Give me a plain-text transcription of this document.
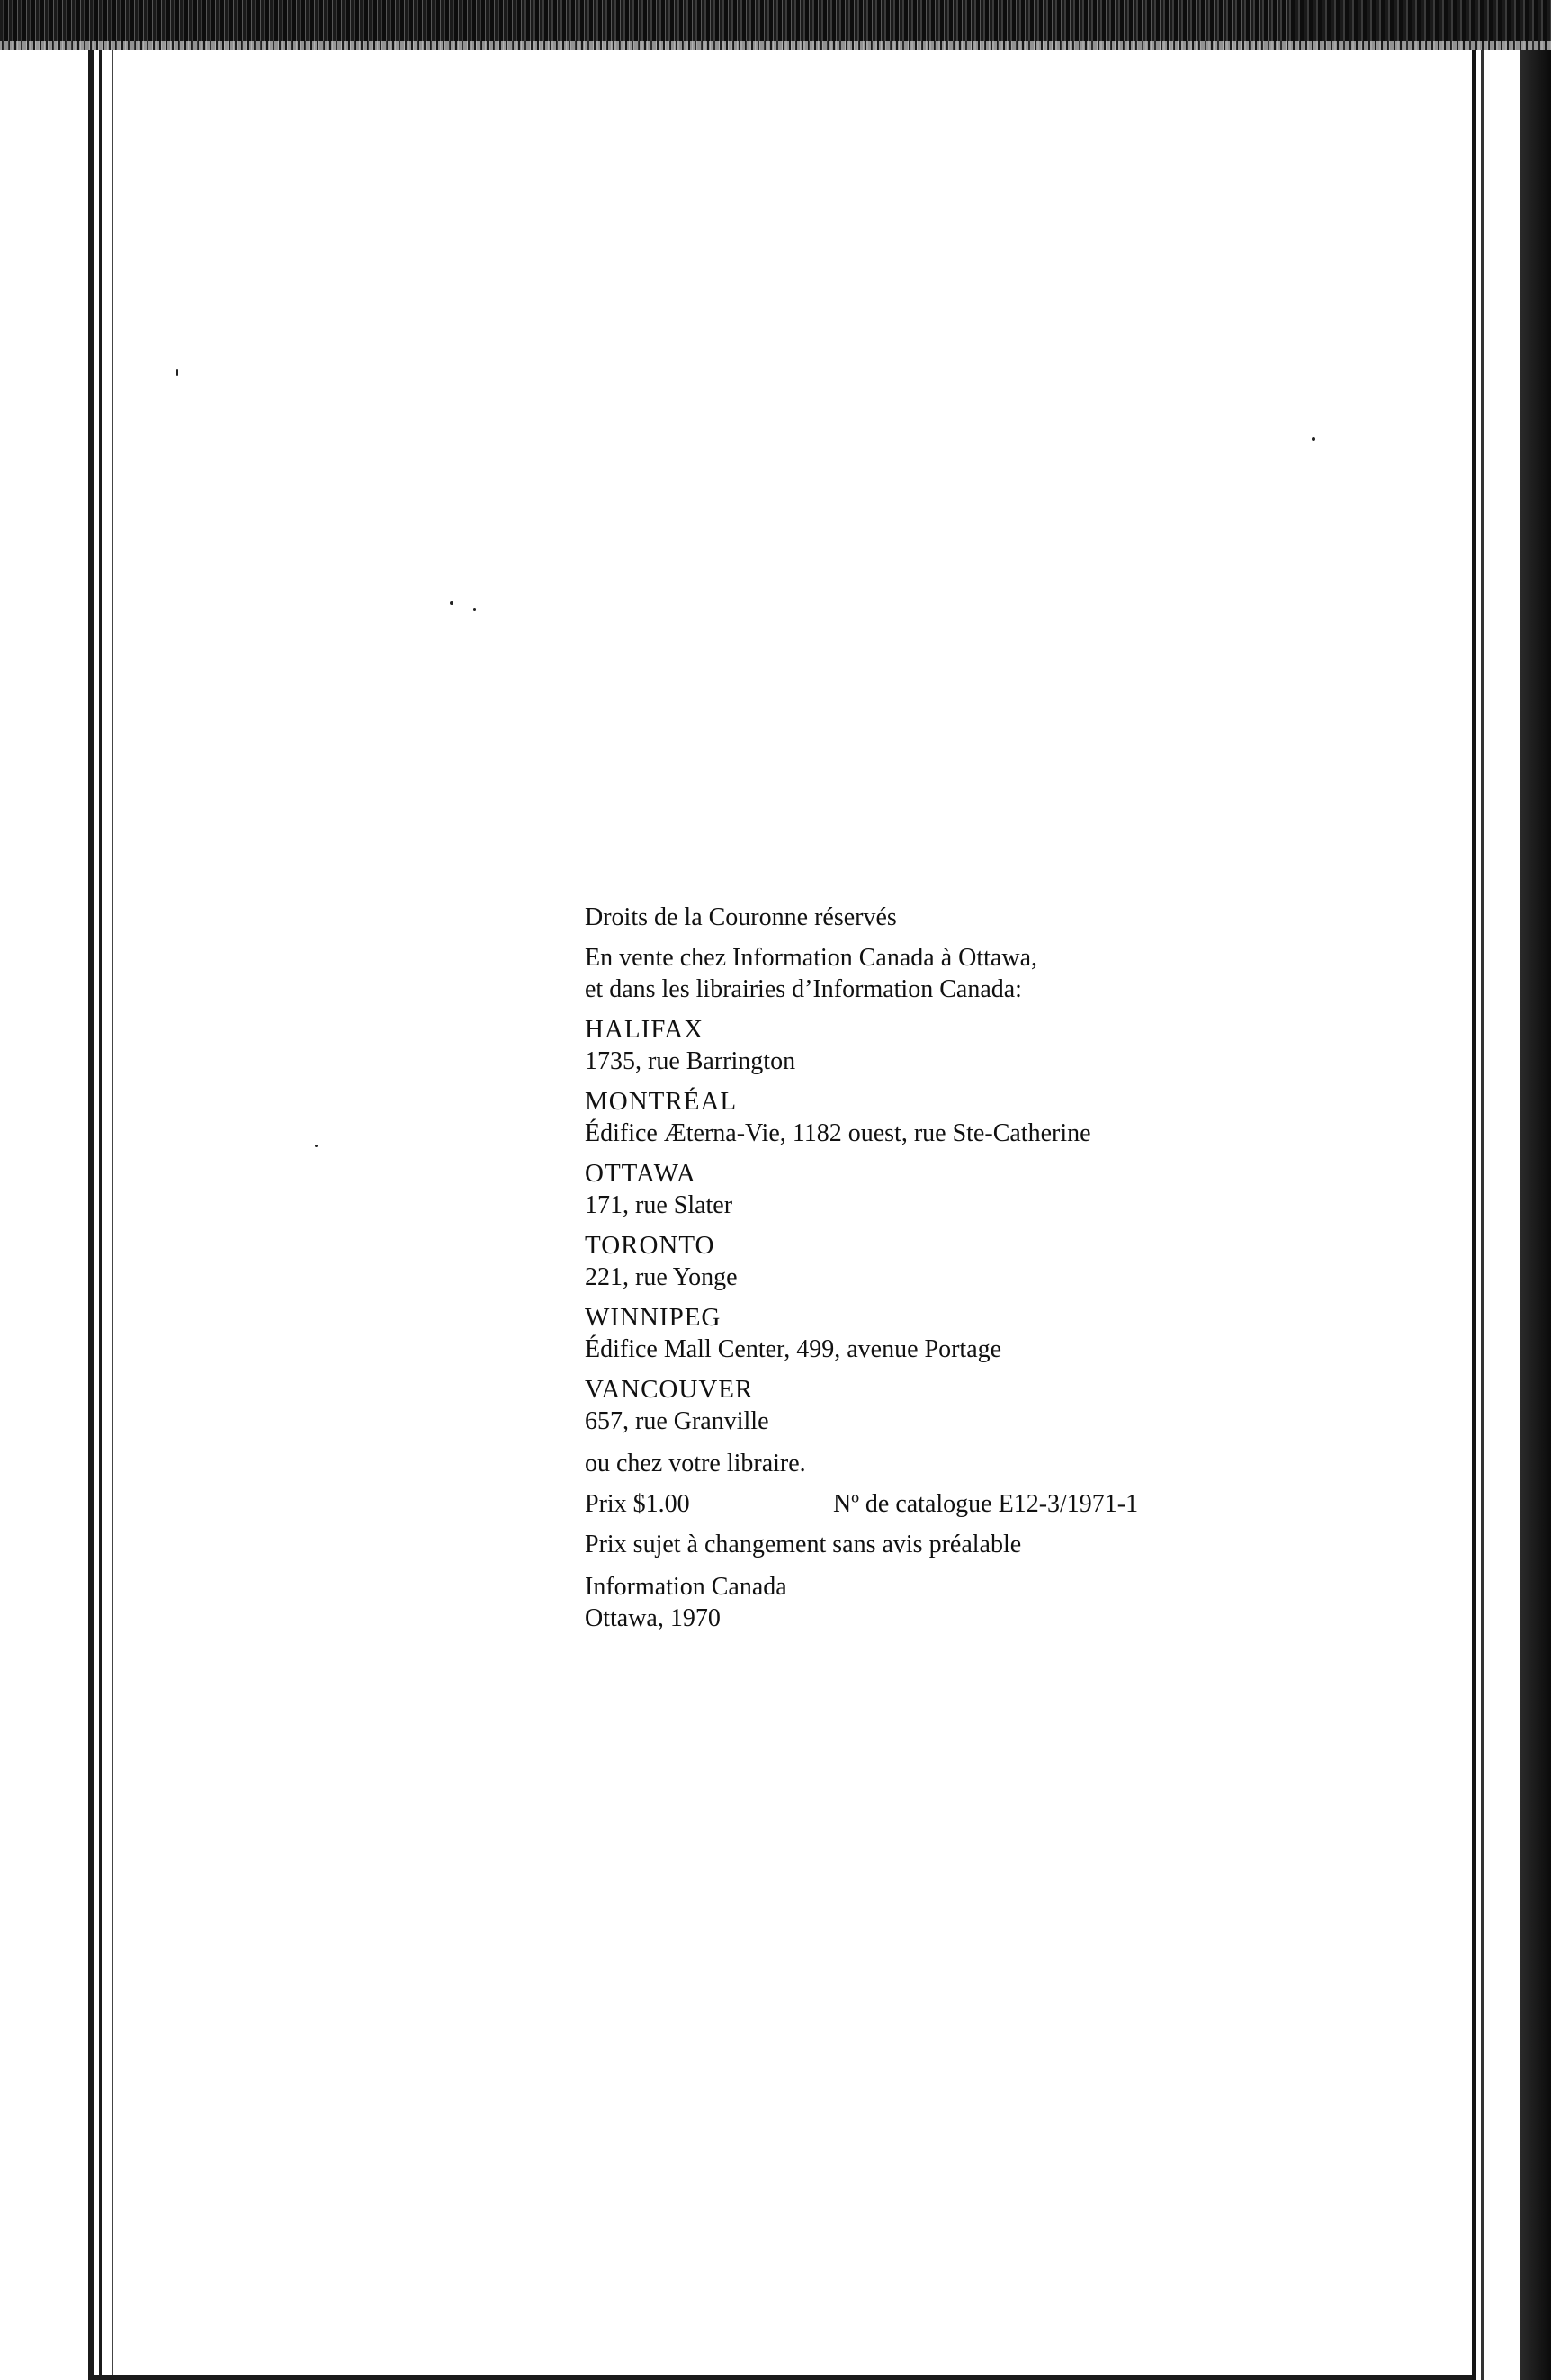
Droits de la Couronne réservés

En vente chez Information Canada à Ottawa,

et dans les librairies d’Information Canada:

HALIFAX

1735, rue Barrington

MONTRÉAL

Édifice Æterna-Vie, 1182 ouest, rue Ste-Catherine

OTTAWA

171, rue Slater

TORONTO

221, rue Yonge

WINNIPEG

Édifice Mall Center, 499, avenue Portage

VANCOUVER

657, rue Granville

ou chez votre libraire.

Prix $1.00	Nº de catalogue E12-3/1971-1

Prix sujet à changement sans avis préalable

Information Canada

Ottawa, 1970
